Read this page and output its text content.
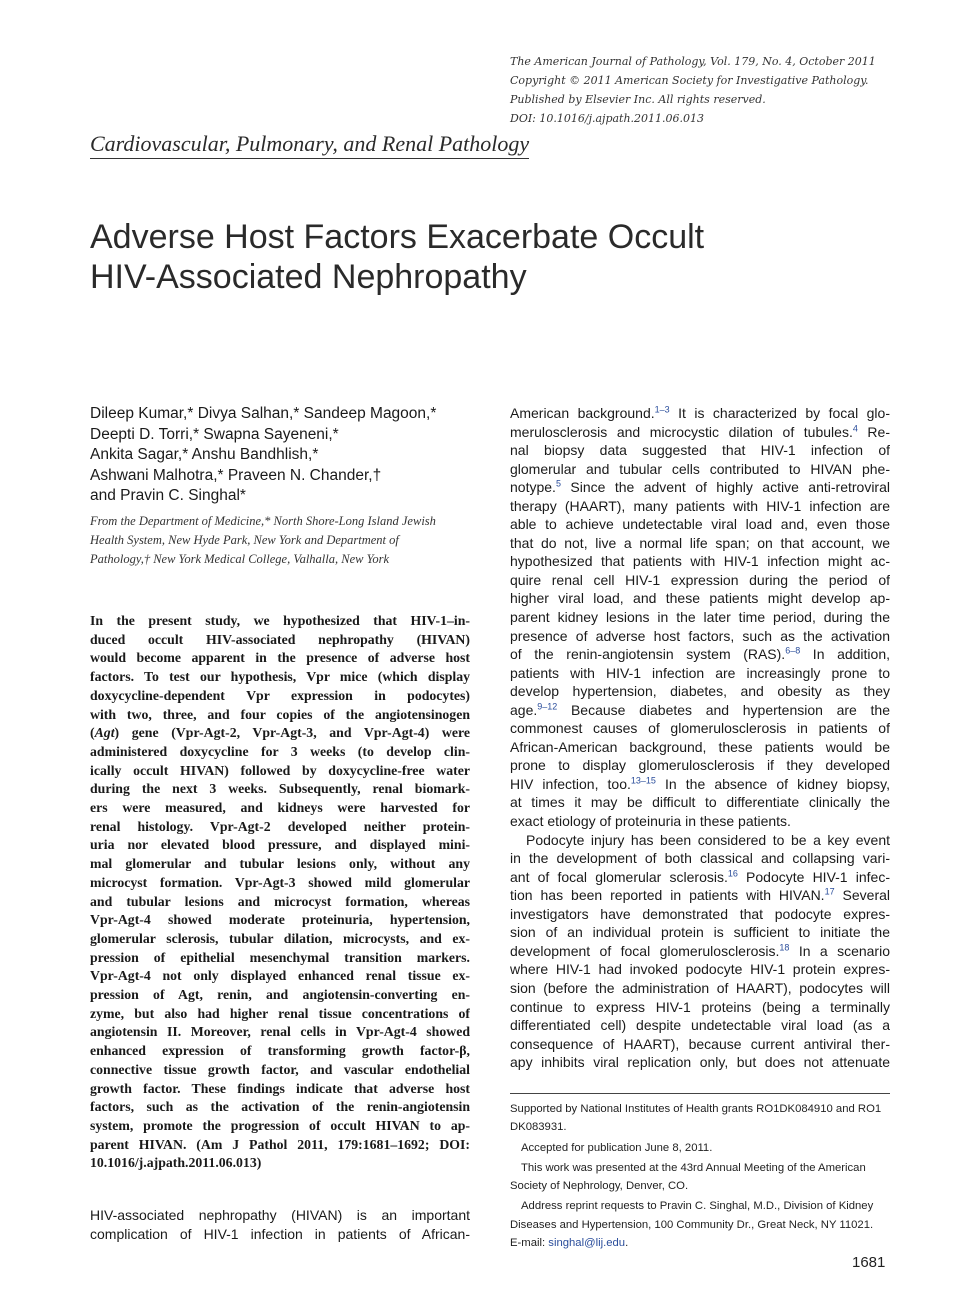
The American Journal of Pathology, Vol. 179, No. 4, October 2011
Copyright © 2011 American Society for Investigative Pathology.
Published by Elsevier Inc. All rights reserved.
DOI: 10.1016/j.ajpath.2011.06.013
Cardiovascular, Pulmonary, and Renal Pathology
Adverse Host Factors Exacerbate Occult
HIV-Associated Nephropathy
Dileep Kumar,* Divya Salhan,* Sandeep Magoon,*
Deepti D. Torri,* Swapna Sayeneni,*
Ankita Sagar,* Anshu Bandhlish,*
Ashwani Malhotra,* Praveen N. Chander,†
and Pravin C. Singhal*
From the Department of Medicine,* North Shore-Long Island Jewish
Health System, New Hyde Park, New York and Department of
Pathology,† New York Medical College, Valhalla, New York
In the present study, we hypothesized that HIV-1–in-
duced occult HIV-associated nephropathy (HIVAN)
would become apparent in the presence of adverse host
factors. To test our hypothesis, Vpr mice (which display
doxycycline-dependent Vpr expression in podocytes)
with two, three, and four copies of the angiotensinogen
(Agt) gene (Vpr-Agt-2, Vpr-Agt-3, and Vpr-Agt-4) were
administered doxycycline for 3 weeks (to develop clin-
ically occult HIVAN) followed by doxycycline-free water
during the next 3 weeks. Subsequently, renal biomark-
ers were measured, and kidneys were harvested for
renal histology. Vpr-Agt-2 developed neither protein-
uria nor elevated blood pressure, and displayed mini-
mal glomerular and tubular lesions only, without any
microcyst formation. Vpr-Agt-3 showed mild glomerular
and tubular lesions and microcyst formation, whereas
Vpr-Agt-4 showed moderate proteinuria, hypertension,
glomerular sclerosis, tubular dilation, microcysts, and ex-
pression of epithelial mesenchymal transition markers.
Vpr-Agt-4 not only displayed enhanced renal tissue ex-
pression of Agt, renin, and angiotensin-converting en-
zyme, but also had higher renal tissue concentrations of
angiotensin II. Moreover, renal cells in Vpr-Agt-4 showed
enhanced expression of transforming growth factor-β,
connective tissue growth factor, and vascular endothelial
growth factor. These findings indicate that adverse host
factors, such as the activation of the renin-angiotensin
system, promote the progression of occult HIVAN to ap-
parent HIVAN. (Am J Pathol 2011, 179:1681–1692; DOI:
10.1016/j.ajpath.2011.06.013)
HIV-associated nephropathy (HIVAN) is an important
complication of HIV-1 infection in patients of African-
American background.$^{1-3}$ It is characterized by focal glo-
merulosclerosis and microcystic dilation of tubules.$^4$ Re-
nal biopsy data suggested that HIV-1 infection of
glomerular and tubular cells contributed to HIVAN phe-
notype.$^5$ Since the advent of highly active anti-retroviral
therapy (HAART), many patients with HIV-1 infection are
able to achieve undetectable viral load and, even those
that do not, live a normal life span; on that account, we
hypothesized that patients with HIV-1 infection might ac-
quire renal cell HIV-1 expression during the period of
higher viral load, and these patients might develop ap-
parent kidney lesions in the later time period, during the
presence of adverse host factors, such as the activation
of the renin-angiotensin system (RAS).$^{6-8}$ In addition,
patients with HIV-1 infection are increasingly prone to
develop hypertension, diabetes, and obesity as they
age.$^{9-12}$ Because diabetes and hypertension are the
commonest causes of glomerulosclerosis in patients of
African-American background, these patients would be
prone to display glomerulosclerosis if they developed
HIV infection, too.$^{13-15}$ In the absence of kidney biopsy,
at times it may be difficult to differentiate clinically the
exact etiology of proteinuria in these patients.
Podocyte injury has been considered to be a key event
in the development of both classical and collapsing vari-
ant of focal glomerular sclerosis.$^{16}$ Podocyte HIV-1 infec-
tion has been reported in patients with HIVAN.$^{17}$ Several
investigators have demonstrated that podocyte expres-
sion of an individual protein is sufficient to initiate the
development of focal glomerulosclerosis.$^{18}$ In a scenario
where HIV-1 had invoked podocyte HIV-1 protein expres-
sion (before the administration of HAART), podocytes will
continue to express HIV-1 proteins (being a terminally
differentiated cell) despite undetectable viral load (as a
consequence of HAART), because current antiviral ther-
apy inhibits viral replication only, but does not attenuate
Supported by National Institutes of Health grants RO1DK084910 and RO1
DK083931.
Accepted for publication June 8, 2011.
This work was presented at the 43rd Annual Meeting of the American
Society of Nephrology, Denver, CO.
Address reprint requests to Pravin C. Singhal, M.D., Division of Kidney
Diseases and Hypertension, 100 Community Dr., Great Neck, NY 11021.
E-mail: singhal@lij.edu.
1681
